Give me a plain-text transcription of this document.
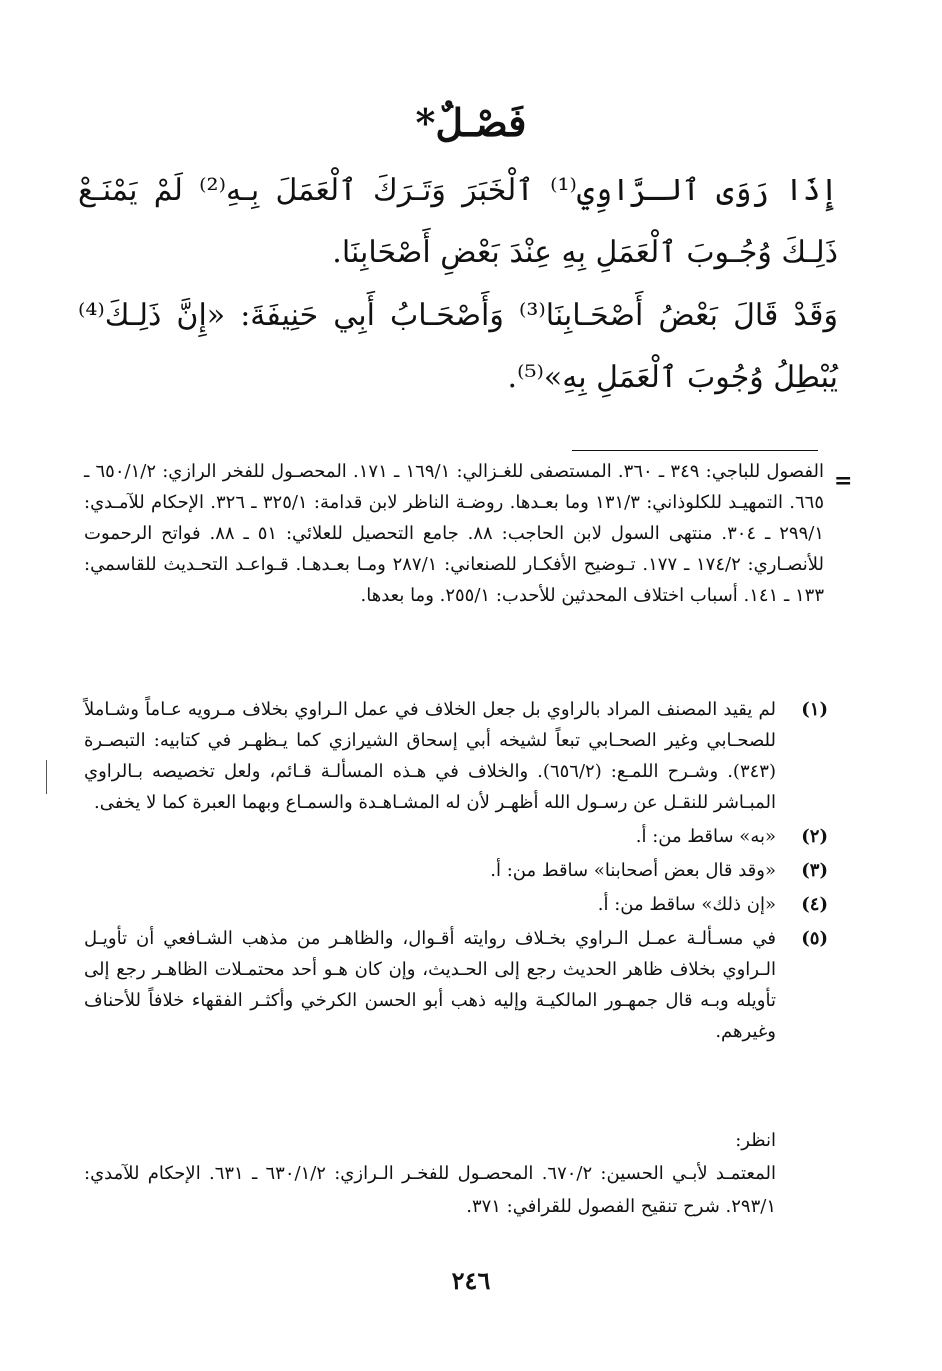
فَصْـلٌ*
إِذَا رَوَى ٱلـرَّاوِي⁽¹⁾ ٱلْخَبَرَ وَتَـرَكَ ٱلْعَمَلَ بِـهِ⁽²⁾ لَمْ يَمْنَـعْ ذَلِـكَ وُجُـوبَ ٱلْعَمَلِ بِهِ عِنْدَ بَعْضِ أَصْحَابِنَا.
وَقَدْ قَالَ بَعْضُ أَصْحَـابِنَا⁽³⁾ وَأَصْحَـابُ أَبِي حَنِيفَةَ: «إِنَّ ذَلِـكَ⁽⁴⁾ يُبْطِلُ وُجُوبَ ٱلْعَمَلِ بِهِ»⁽⁵⁾.
=
الفصول للباجي: ٣٤٩ ـ ٣٦٠. المستصفى للغـزالي: ١٦٩/١ ـ ١٧١. المحصـول للفخر الرازي: ٦٥٠/١/٢ ـ ٦٦٥. التمهيـد للكلوذاني: ١٣١/٣ وما بعـدها. روضـة الناظر لابن قدامة: ٣٢٥/١ ـ ٣٢٦. الإحكام للآمـدي: ٢٩٩/١ ـ ٣٠٤. منتهى السول لابن الحاجب: ٨٨. جامع التحصيل للعلائي: ٥١ ـ ٨٨. فواتح الرحموت للأنصـاري: ١٧٤/٢ ـ ١٧٧. تـوضيح الأفكـار للصنعاني: ٢٨٧/١ ومـا بعـدهـا. قـواعـد التحـديث للقاسمي: ١٣٣ ـ ١٤١. أسباب اختلاف المحدثين للأحدب: ٢٥٥/١. وما بعدها.
(١)
لم يقيد المصنف المراد بالراوي بل جعل الخلاف في عمل الـراوي بخلاف مـرويه عـاماً وشـاملاً للصحـابي وغير الصحـابي تبعاً لشيخه أبي إسحاق الشيرازي كما يـظهـر في كتابيه: التبصـرة (٣٤٣). وشـرح اللمـع: (٦٥٦/٢). والخلاف في هـذه المسألـة قـائم، ولعل تخصيصه بـالراوي المبـاشر للنقـل عن رسـول الله أظهـر لأن له المشـاهـدة والسمـاع وبهما العبرة كما لا يخفى.
(٢)
«به» ساقط من: أ.
(٣)
«وقد قال بعض أصحابنا» ساقط من: أ.
(٤)
«إن ذلك» ساقط من: أ.
(٥)
في مسـألـة عمـل الـراوي بخـلاف روايته أقـوال، والظاهـر من مذهب الشـافعي أن تأويـل الـراوي بخلاف ظاهر الحديث رجع إلى الحـديث، وإن كان هـو أحد محتمـلات الظاهـر رجع إلى تأويله وبـه قال جمهـور المالكيـة وإليه ذهب أبو الحسن الكرخي وأكثـر الفقهاء خلافاً للأحناف وغيرهم.
انظر:
المعتمـد لأبـي الحسين: ٦٧٠/٢. المحصـول للفخـر الـرازي: ٦٣٠/١/٢ ـ ٦٣١. الإحكام للآمدي: ٢٩٣/١. شرح تنقيح الفصول للقرافي: ٣٧١.
٢٤٦
